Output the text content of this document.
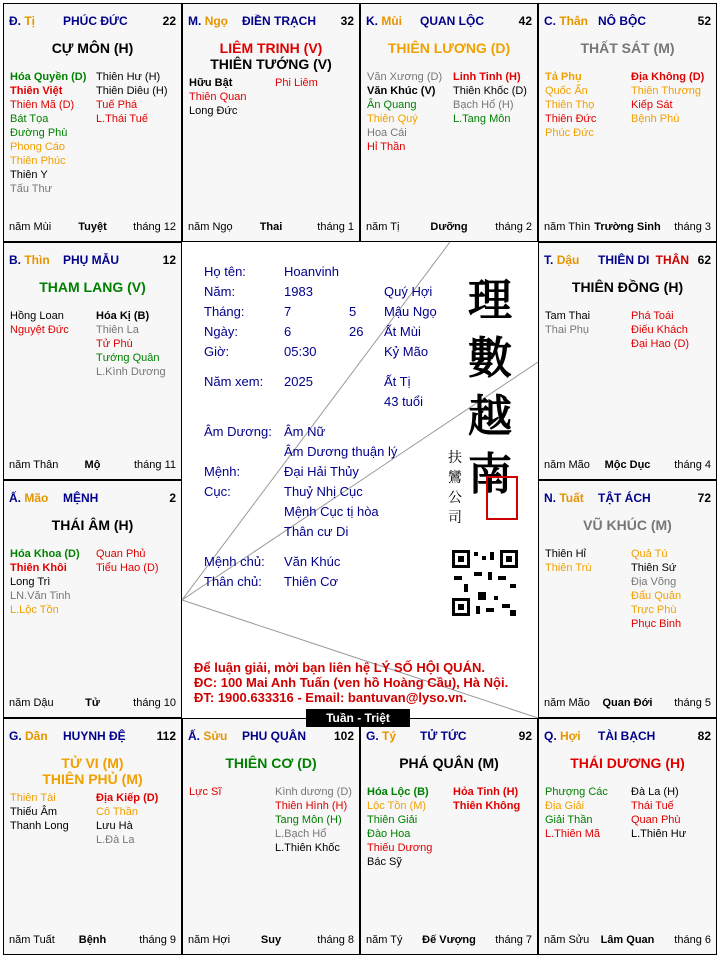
Đ. Tị PHÚC ĐỨC	22
CỰ MÔN (H)
Hóa Quyền (D)
Thiên Việt
Thiên Mã (D)
Bát Tọa
Đường Phù
Phong Cáo
Thiên Phúc
Thiên Y
Tấu Thư
Thiên Hư (H)
Thiên Diêu (H)
Tuế Phá
L.Thái Tuế
năm Mùi	Tuyệt	tháng 12
M. Ngọ ĐIỀN TRẠCH 32
LIÊM TRINH (V)
THIÊN TƯỚNG (V)
Hữu Bật
Thiên Quan
Long Đức
Phi Liêm
năm Ngọ	Thai	tháng 1
K. Mùi QUAN LỘC	42
THIÊN LƯƠNG (D)
Văn Xương (D)
Văn Khúc (V)
Ân Quang
Thiên Quý
Hoa Cái
Hỉ Thần
Linh Tinh (H)
Thiên Khốc (D)
Bạch Hổ (H)
L.Tang Môn
năm Tị	Dưỡng	tháng 2
C. Thân NÔ BỘC	52
THẤT SÁT (M)
Tả Phụ
Quốc Ấn
Thiên Thọ
Thiên Đức
Phúc Đức
Địa Không (D)
Thiên Thương
Kiếp Sát
Bệnh Phù
năm Thìn Trường Sinh	tháng 3
B. Thìn PHỤ MẪU	12
THAM LANG (V)
Hồng Loan
Nguyệt Đức
Hóa Kị (B)
Thiên La
Tử Phù
Tướng Quân
L.Kình Dương
năm Thân	Mộ	tháng 11
T. Dậu THIÊN DI THÂN 62
THIÊN ĐỒNG (H)
Tam Thai
Thai Phụ
Phá Toái
Điếu Khách
Đại Hao (D)
năm Mão	Mộc Dục	tháng 4
Ấ. Mão MỆNH	2
THÁI ÂM (H)
Hóa Khoa (D)
Thiên Khôi
Long Trì
LN.Văn Tinh
L.Lộc Tồn
Quan Phủ
Tiểu Hao (D)
năm Dậu	Tử	tháng 10
N. Tuất TẬT ÁCH	72
VŨ KHÚC (M)
Thiên Hỉ
Thiên Trù
Quả Tú
Thiên Sứ
Địa Võng
Đẩu Quân
Trực Phù
Phục Binh
năm Mão	Quan Đới	tháng 5
G. Dần HUYNH ĐỆ	112
TỬ VI (M)
THIÊN PHỦ (M)
Thiên Tài
Thiếu Âm
Thanh Long
Địa Kiếp (D)
Cô Thần
Lưu Hà
L.Đà La
năm Tuất	Bệnh	tháng 9
Ấ. Sửu PHU QUÂN 102
THIÊN CƠ (D)
Lực Sĩ	Kình dương (D)
Thiên Hình (H)
Tang Môn (H)
L.Bạch Hổ
L.Thiên Khốc
năm Hợi	Suy	tháng 8
G. Tý TỬ TỨC	92
PHÁ QUÂN (M)
Hóa Lộc (B)
Lộc Tồn (M)
Thiên Giải
Đào Hoa
Thiếu Dương
Bác Sỹ
Hỏa Tinh (H)
Thiên Không
năm Tý	Đế Vượng	tháng 7
Q. Hợi TÀI BẠCH	82
THÁI DƯƠNG (H)
Phượng Các
Địa Giải
Giải Thần
L.Thiên Mã
Đà La (H)
Thái Tuế
Quan Phù
L.Thiên Hư
năm Sửu	Lâm Quan	tháng 6
Họ tên:	Hoanvinh
Năm:	1983	Quý Hợi
Tháng:	7	5 Mậu Ngọ
Ngày:	6	26 Ất Mùi
Giờ:	05:30	Kỷ Mão
Năm xem: 2025	Ất Tị
43 tuổi
Âm Dương: Âm Nữ
Âm Dương thuận lý
Mệnh:	Đại Hải Thủy
Cục:	Thuỷ Nhị Cục
Mệnh Cục tị hòa
Thân cư Di
Mệnh chủ: Văn Khúc
Thân chủ: Thiên Cơ
理
數
越
南
扶
鸞
公
司
Để luận giải, mời bạn liên hệ LÝ SỐ HỘI QUÁN.
ĐC: 100 Mai Anh Tuấn (ven hồ Hoàng Cầu), Hà Nội.
ĐT: 1900.633316 - Email: bantuvan@lyso.vn.
Tuần - Triệt
